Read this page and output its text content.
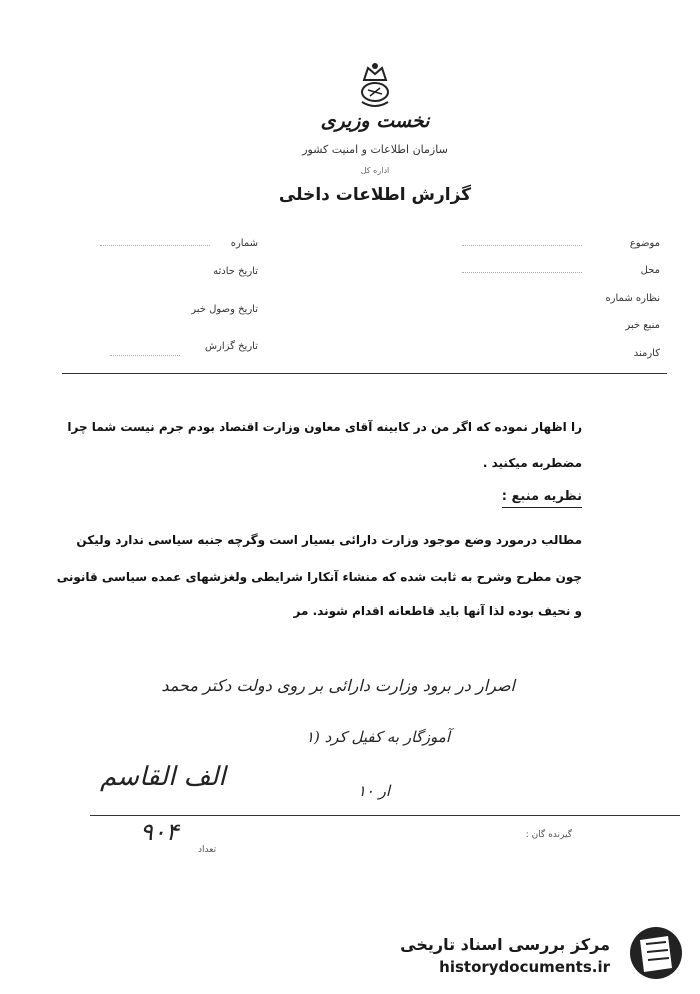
نخست وزیری
سازمان اطلاعات و امنیت کشور
اداره کل
گزارش اطلاعات داخلی
موضوع
محل
نظاره شماره
منبع خبر
کارمند
شماره
تاریخ حادثه
تاریخ وصول خبر
تاریخ گزارش
را اظهار نموده که اگر من در کابینه آقای معاون وزارت اقتصاد بودم جرم نیست شما چرا
مضطربه میکنید .
نظریه منبع :
مطالب درمورد وضع موجود وزارت دارائی بسیار است وگرچه جنبه سیاسی ندارد ولیکن
چون مطرح وشرح به ثابت شده که منشاء آنکارا شرایطی ولغزشهای عمده سیاسی قانونی
و نحیف بوده لذا آنها باید قاطعانه اقدام شوند. مر
اصرار در برود وزارت دارائی بر روی دولت دکتر محمد
آموزگار به کفیل کرد (۱
ار ۱۰
الف القاسم
گیرنده گان :
تعداد
۹۰۴
مرکز بررسی اسناد تاریخی
historydocuments.ir
